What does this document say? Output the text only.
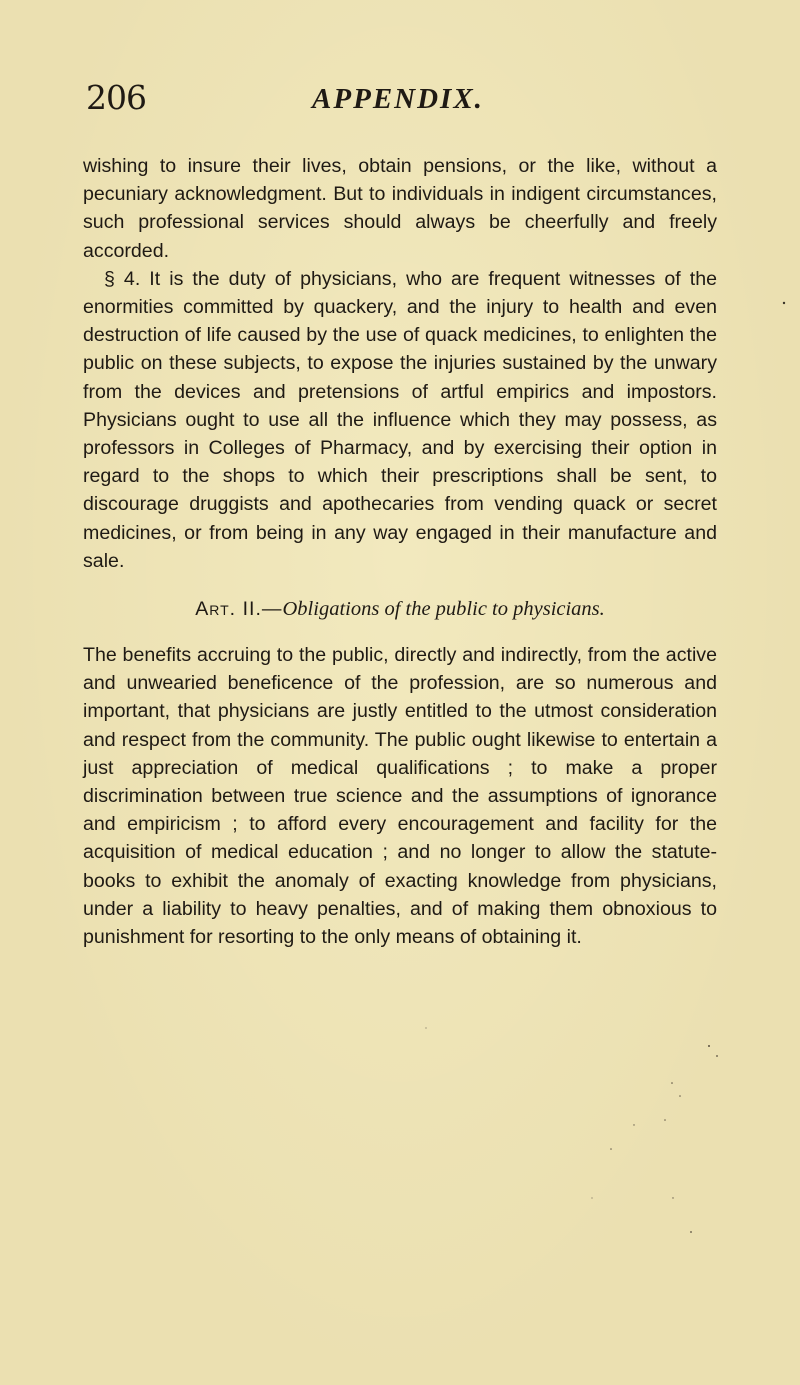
206	APPENDIX.

wishing to insure their lives, obtain pensions, or the like, without a pecuniary acknowledgment. But to individuals in indigent circumstances, such professional services should always be cheerfully and freely accorded.

§ 4. It is the duty of physicians, who are frequent witnesses of the enormities committed by quackery, and the injury to health and even destruction of life caused by the use of quack medicines, to enlighten the public on these subjects, to expose the injuries sustained by the unwary from the devices and pretensions of artful empirics and impostors. Physicians ought to use all the influence which they may possess, as professors in Colleges of Pharmacy, and by exercising their option in regard to the shops to which their prescriptions shall be sent, to discourage druggists and apothecaries from vending quack or secret medicines, or from being in any way engaged in their manufacture and sale.

Art. II.—Obligations of the public to physicians.

The benefits accruing to the public, directly and indirectly, from the active and unwearied beneficence of the profession, are so numerous and important, that physicians are justly entitled to the utmost consideration and respect from the community. The public ought likewise to entertain a just appreciation of medical qualifications ; to make a proper discrimination between true science and the assumptions of ignorance and empiricism ; to afford every encouragement and facility for the acquisition of medical education ; and no longer to allow the statute-books to exhibit the anomaly of exacting knowledge from physicians, under a liability to heavy penalties, and of making them obnoxious to punishment for resorting to the only means of obtaining it.
